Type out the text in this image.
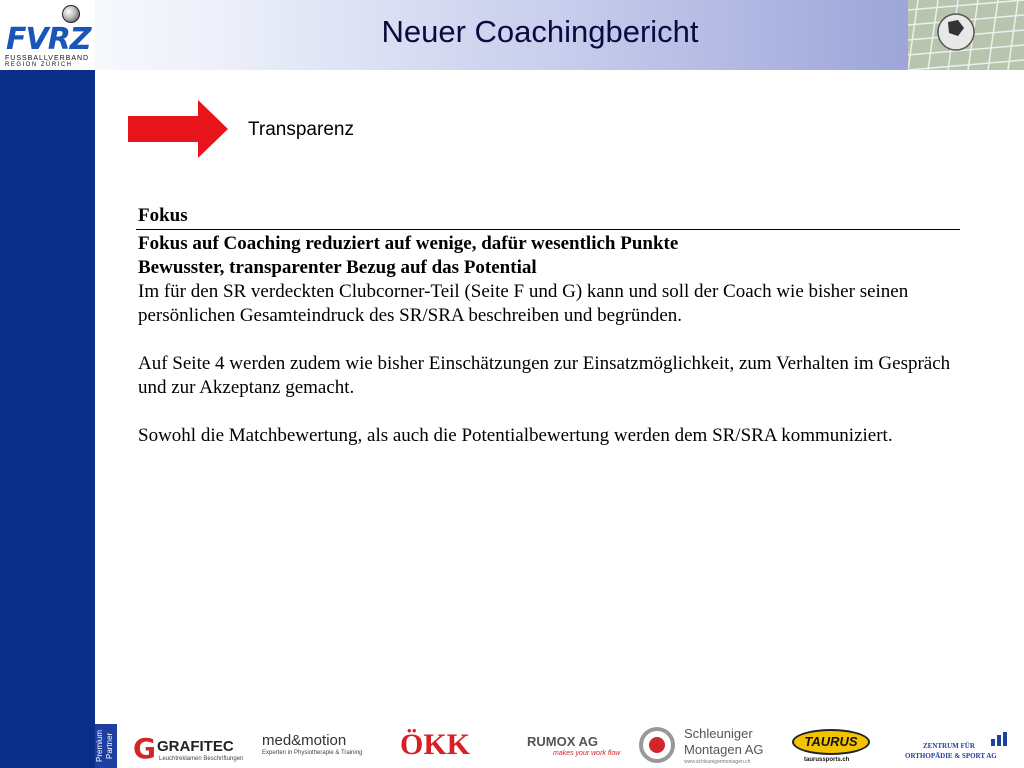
FVRZ
FUSSBALLVERBAND
REGION ZÜRICH
Neuer Coachingbericht
Transparenz
Fokus
Fokus auf Coaching reduziert auf wenige, dafür wesentlich Punkte
Bewusster, transparenter Bezug auf das Potential
Im für den SR verdeckten Clubcorner-Teil (Seite F und G) kann und soll der Coach wie bisher seinen persönlichen Gesamteindruck des SR/SRA beschreiben und begründen.
Auf Seite 4 werden zudem wie bisher Einschätzungen zur Einsatzmöglichkeit, zum Verhalten im Gespräch und zur Akzeptanz gemacht.
Sowohl die Matchbewertung, als auch die Potentialbewertung werden dem SR/SRA kommuniziert.
Premium Partner G GRAFITEC
Leuchtreklamen Beschriftungen
med&motion
Experten in Physiotherapie & Training ÖKK	RUMOX AG
makes your work flow
Schleuniger
Montagen AG
www.schleunigermontagen.ch
TAURUS
taurussports.ch
ZENTRUM FÜR
ORTHOPÄDIE & SPORT AG
